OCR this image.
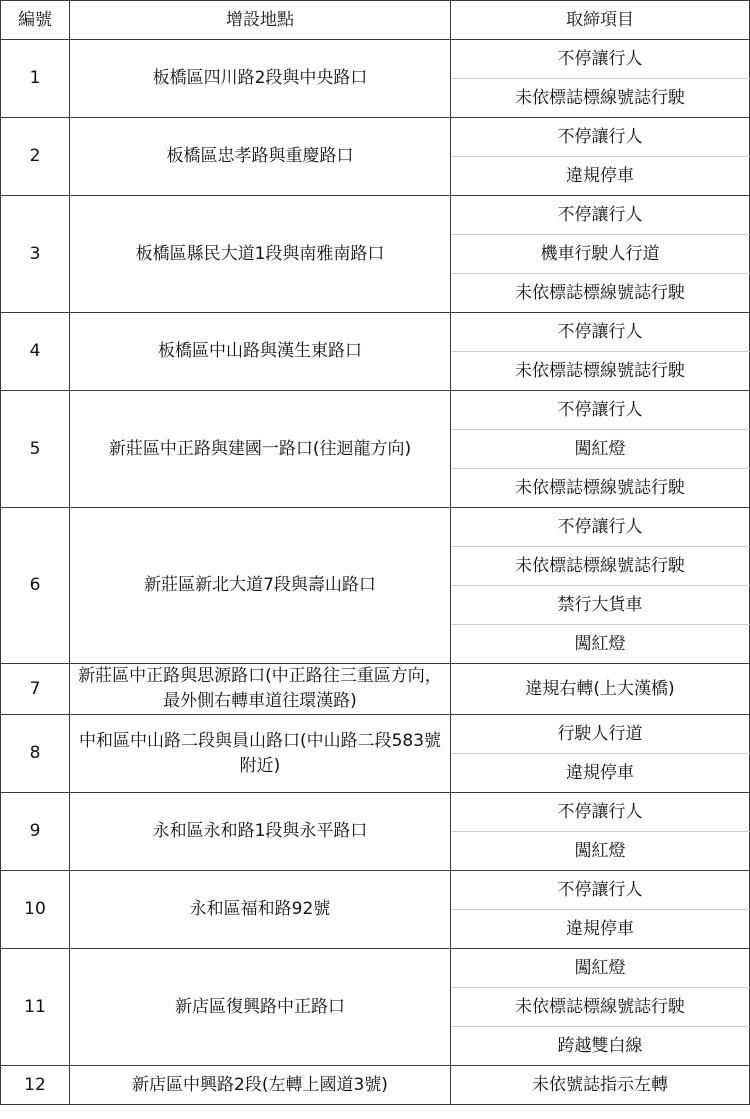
編號	增設地點	取締項目
1	板橋區四川路2段與中央路口	不停讓行人
		未依標誌標線號誌行駛
2	板橋區忠孝路與重慶路口	不停讓行人
		違規停車
3	板橋區縣民大道1段與南雅南路口	不停讓行人
		機車行駛人行道
		未依標誌標線號誌行駛
4	板橋區中山路與漢生東路口	不停讓行人
		未依標誌標線號誌行駛
5	新莊區中正路與建國一路口(往迴龍方向)	不停讓行人
		闖紅燈
		未依標誌標線號誌行駛
6	新莊區新北大道7段與壽山路口	不停讓行人
		未依標誌標線號誌行駛
		禁行大貨車
		闖紅燈
7	新莊區中正路與思源路口(中正路往三重區方向，最外側右轉車道往環漢路)	違規右轉(上大漢橋)
8	中和區中山路二段與員山路口(中山路二段583號附近)	行駛人行道
		違規停車
9	永和區永和路1段與永平路口	不停讓行人
		闖紅燈
10	永和區福和路92號	不停讓行人
		違規停車
11	新店區復興路中正路口	闖紅燈
		未依標誌標線號誌行駛
		跨越雙白線
12	新店區中興路2段(左轉上國道3號)	未依號誌指示左轉
